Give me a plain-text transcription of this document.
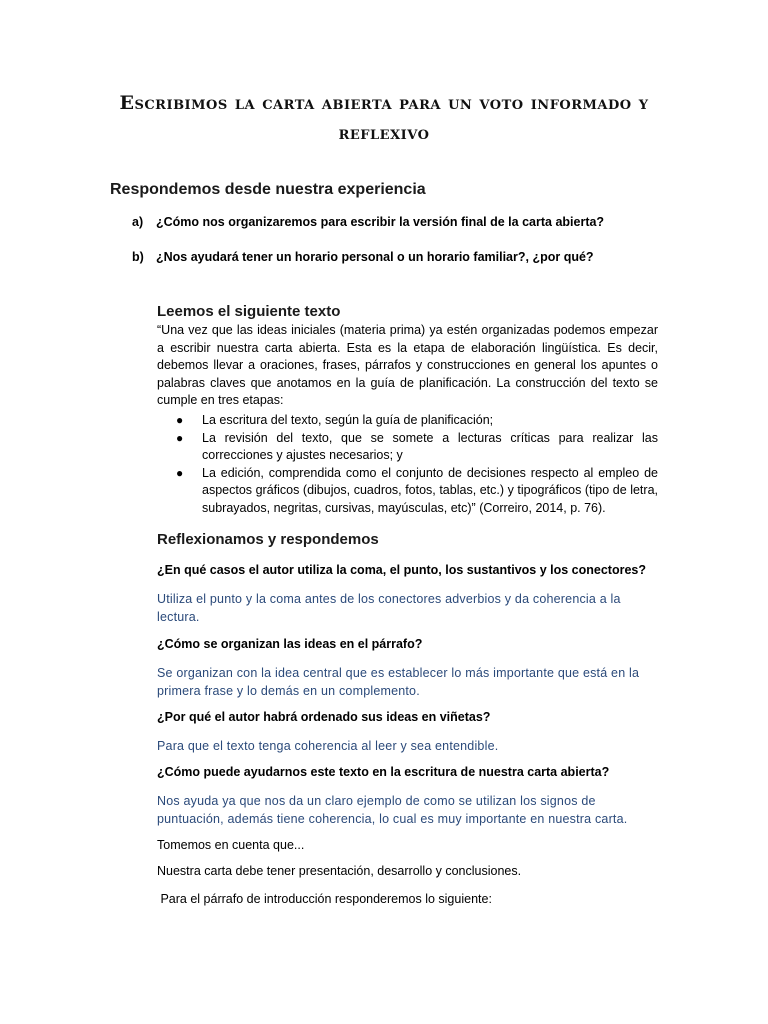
Escribimos la carta abierta para un voto informado y reflexivo
Respondemos desde nuestra experiencia
a)	¿Cómo nos organizaremos para escribir la versión final de la carta abierta?
b) ¿Nos ayudará tener un horario personal o un horario familiar?, ¿por qué?
Leemos el siguiente texto
“Una vez que las ideas iniciales (materia prima) ya estén organizadas podemos empezar a escribir nuestra carta abierta. Esta es la etapa de elaboración lingüística. Es decir, debemos llevar a oraciones, frases, párrafos y construcciones en general los apuntes o palabras claves que anotamos en la guía de planificación. La construcción del texto se cumple en tres etapas:
● La escritura del texto, según la guía de planificación;
● La revisión del texto, que se somete a lecturas críticas para realizar las correcciones y ajustes necesarios; y
● La edición, comprendida como el conjunto de decisiones respecto al empleo de aspectos gráficos (dibujos, cuadros, fotos, tablas, etc.) y tipográficos (tipo de letra, subrayados, negritas, cursivas, mayúsculas, etc)” (Correiro, 2014, p. 76).
Reflexionamos y respondemos
¿En qué casos el autor utiliza la coma, el punto, los sustantivos y los conectores?
Utiliza el punto y la coma antes de los conectores adverbios y da coherencia a la lectura.
¿Cómo se organizan las ideas en el párrafo?
Se organizan con la idea central que es establecer lo más importante que está en la primera frase y lo demás en un complemento.
¿Por qué el autor habrá ordenado sus ideas en viñetas?
Para que el texto tenga coherencia al leer y sea entendible.
¿Cómo puede ayudarnos este texto en la escritura de nuestra carta abierta?
Nos ayuda ya que nos da un claro ejemplo de como se utilizan los signos de puntuación, además tiene coherencia, lo cual es muy importante en nuestra carta.
Tomemos en cuenta que...
Nuestra carta debe tener presentación, desarrollo y conclusiones.
Para el párrafo de introducción responderemos lo siguiente:
